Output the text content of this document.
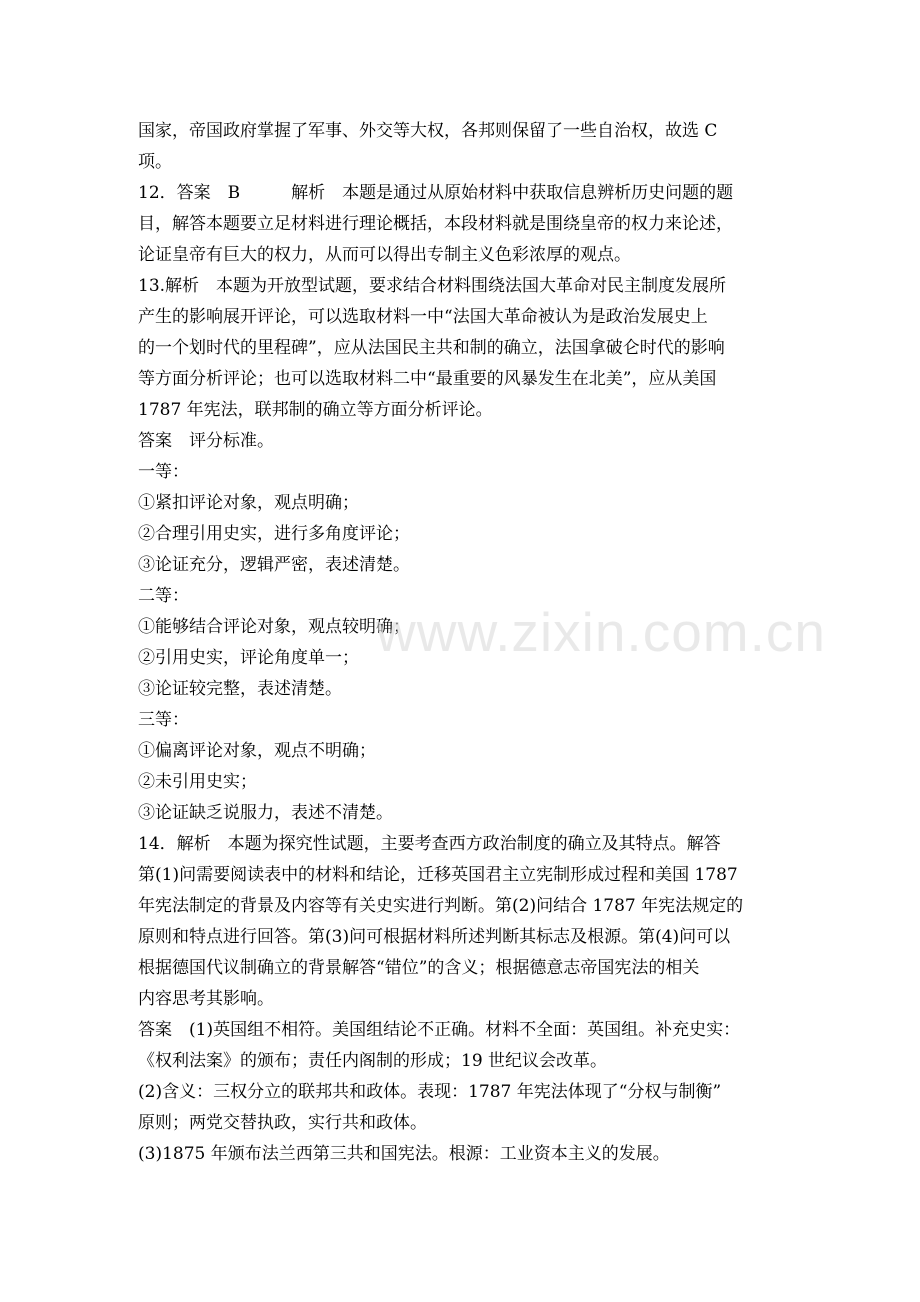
国家，帝国政府掌握了军事、外交等大权，各邦则保留了一些自治权，故选 C
项。
12．答案　B　　　解析　本题是通过从原始材料中获取信息辨析历史问题的题
目，解答本题要立足材料进行理论概括，本段材料就是围绕皇帝的权力来论述，
论证皇帝有巨大的权力，从而可以得出专制主义色彩浓厚的观点。
13.解析　本题为开放型试题，要求结合材料围绕法国大革命对民主制度发展所
产生的影响展开评论，可以选取材料一中“法国大革命被认为是政治发展史上
的一个划时代的里程碑”，应从法国民主共和制的确立，法国拿破仑时代的影响
等方面分析评论；也可以选取材料二中“最重要的风暴发生在北美”，应从美国
1787 年宪法，联邦制的确立等方面分析评论。
答案　评分标准。
一等：
①紧扣评论对象，观点明确；
②合理引用史实，进行多角度评论；
③论证充分，逻辑严密，表述清楚。
二等：
①能够结合评论对象，观点较明确；
②引用史实，评论角度单一；
③论证较完整，表述清楚。
三等：
①偏离评论对象，观点不明确；
②未引用史实；
③论证缺乏说服力，表述不清楚。
14．解析　本题为探究性试题，主要考查西方政治制度的确立及其特点。解答
第(1)问需要阅读表中的材料和结论，迁移英国君主立宪制形成过程和美国 1787
年宪法制定的背景及内容等有关史实进行判断。第(2)问结合 1787 年宪法规定的
原则和特点进行回答。第(3)问可根据材料所述判断其标志及根源。第(4)问可以
根据德国代议制确立的背景解答“错位”的含义；根据德意志帝国宪法的相关
内容思考其影响。
答案　(1)英国组不相符。美国组结论不正确。材料不全面：英国组。补充史实：
《权利法案》的颁布；责任内阁制的形成；19 世纪议会改革。
(2)含义：三权分立的联邦共和政体。表现：1787 年宪法体现了“分权与制衡”
原则；两党交替执政，实行共和政体。
(3)1875 年颁布法兰西第三共和国宪法。根源：工业资本主义的发展。
www.zixin.com.cn
